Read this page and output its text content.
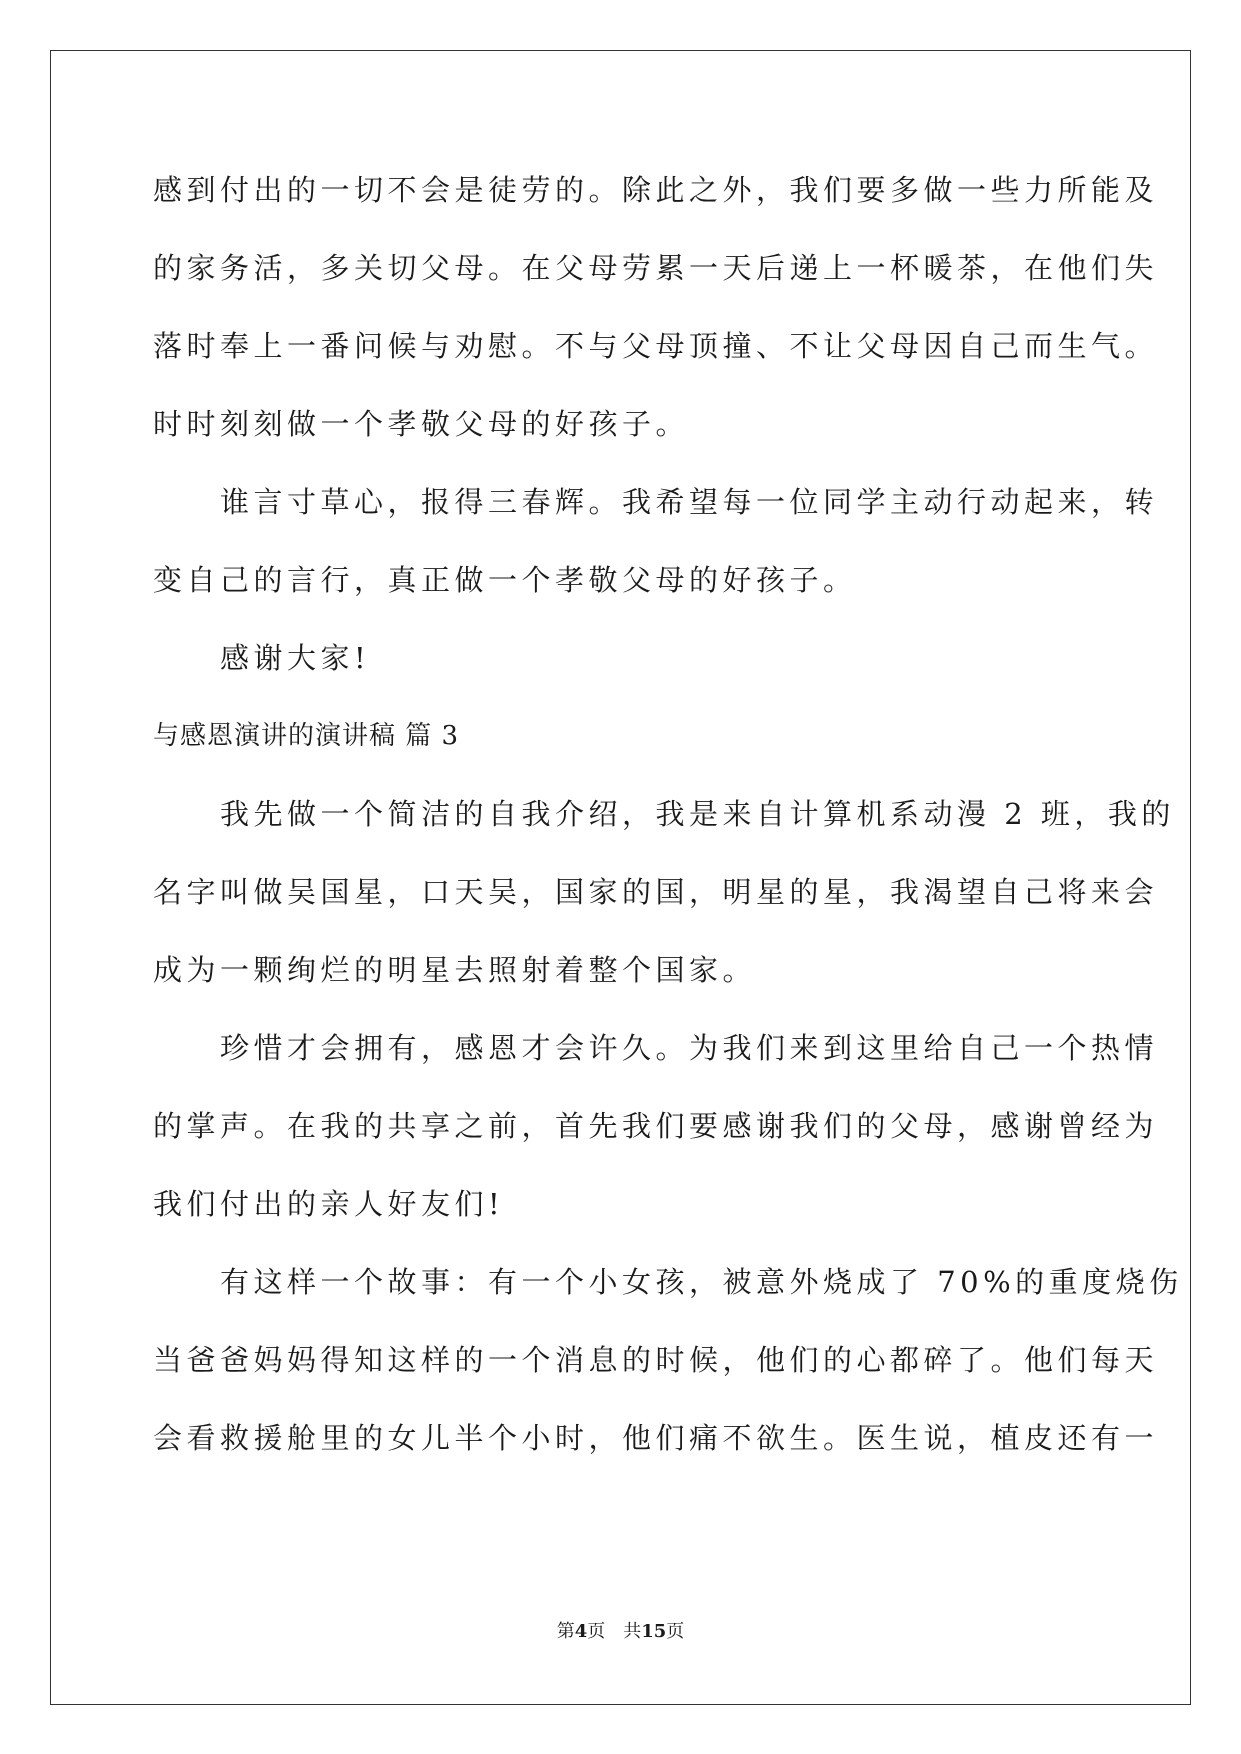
感到付出的一切不会是徒劳的。除此之外，我们要多做一些力所能及
的家务活，多关切父母。在父母劳累一天后递上一杯暖茶，在他们失
落时奉上一番问候与劝慰。不与父母顶撞、不让父母因自己而生气。
时时刻刻做一个孝敬父母的好孩子。
　　谁言寸草心，报得三春辉。我希望每一位同学主动行动起来，转
变自己的言行，真正做一个孝敬父母的好孩子。
　　感谢大家!
与感恩演讲的演讲稿 篇 3
　　我先做一个简洁的自我介绍，我是来自计算机系动漫 2 班，我的
名字叫做吴国星，口天吴，国家的国，明星的星，我渴望自己将来会
成为一颗绚烂的明星去照射着整个国家。
　　珍惜才会拥有，感恩才会许久。为我们来到这里给自己一个热情
的掌声。在我的共享之前，首先我们要感谢我们的父母，感谢曾经为
我们付出的亲人好友们!
　　有这样一个故事：有一个小女孩，被意外烧成了 70%的重度烧伤
当爸爸妈妈得知这样的一个消息的时候，他们的心都碎了。他们每天
会看救援舱里的女儿半个小时，他们痛不欲生。医生说，植皮还有一
第4页　共15页
